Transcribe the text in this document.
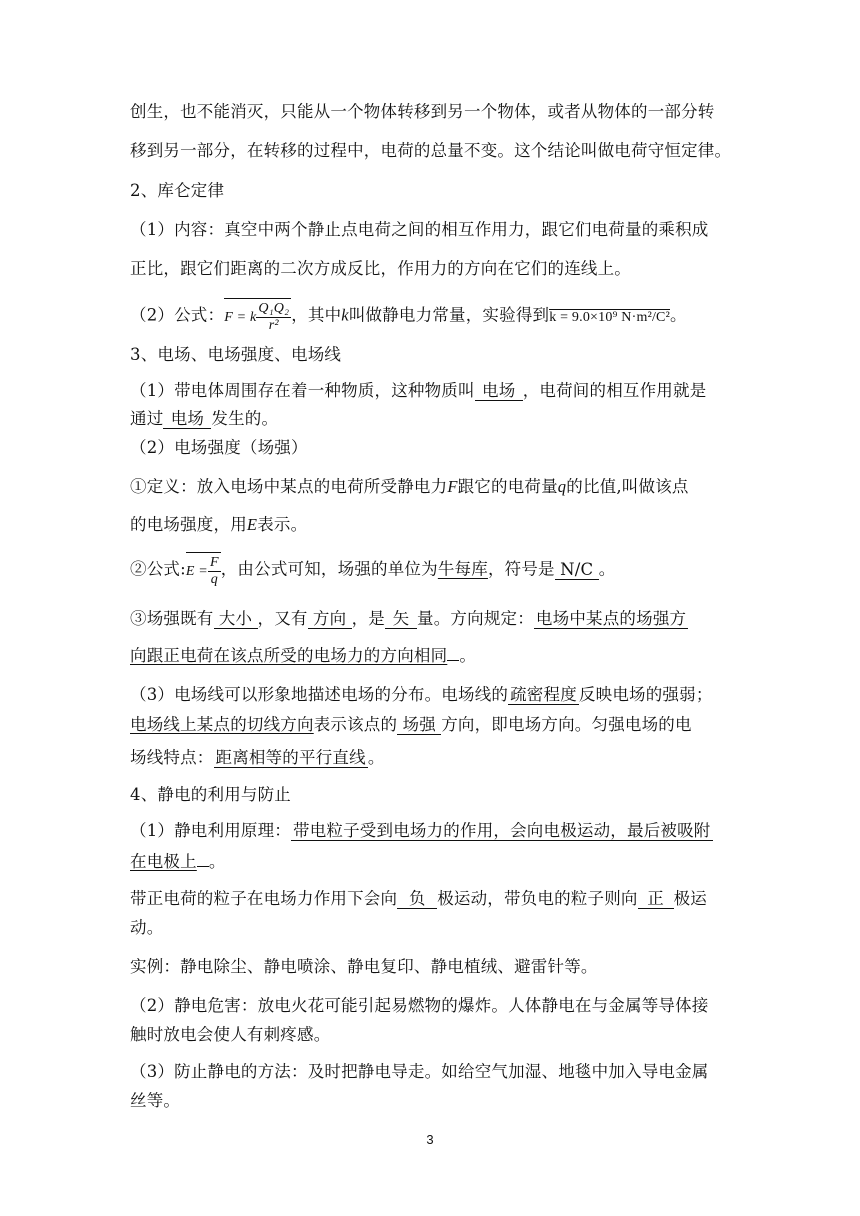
创生，也不能消灭，只能从一个物体转移到另一个物体，或者从物体的一部分转
移到另一部分，在转移的过程中，电荷的总量不变。这个结论叫做电荷守恒定律。
2、库仑定律
（1）内容：真空中两个静止点电荷之间的相互作用力，跟它们电荷量的乘积成
正比，跟它们距离的二次方成反比，作用力的方向在它们的连线上。
（2）公式： F = k $\frac{\text{Q₁Q₂}}{\text{r²}}$ ，其中k叫做静电力常量，实验得到k = 9.0×10⁹ N·m²/C²。
3、电场、电场强度、电场线
（1）带电体周围存在着一种物质，这种物质叫 电场 ，电荷间的相互作用就是
通过 电场 发生的。
（2）电场强度（场强）
①定义：放入电场中某点的电荷所受静电力F跟它的电荷量q的比值,叫做该点
的电场强度，用E表示。
②公式: $E = \frac{F}{q}$ ，由公式可知，场强的单位为牛每库，符号是 N/C 。
③场强既有 大小 ，又有 方向 ，是 矢 量。方向规定： 电场中某点的场强方
向跟正电荷在该点所受的电场力的方向相同 。
（3）电场线可以形象地描述电场的分布。电场线的 疏密程度 反映电场的强弱；
电场线上某点的切线方向表示该点的 场强 方向，即电场方向。匀强电场的电
场线特点： 距离相等的平行直线 。
4、静电的利用与防止
（1）静电利用原理： 带电粒子受到电场力的作用，会向电极运动，最后被吸附
在电极上 。
带正电荷的粒子在电场力作用下会向 负 极运动，带负电的粒子则向 正 极运
动。
实例：静电除尘、静电喷涂、静电复印、静电植绒、避雷针等。
（2）静电危害：放电火花可能引起易燃物的爆炸。人体静电在与金属等导体接
触时放电会使人有刺疼感。
（3）防止静电的方法：及时把静电导走。如给空气加湿、地毯中加入导电金属
丝等。
3
